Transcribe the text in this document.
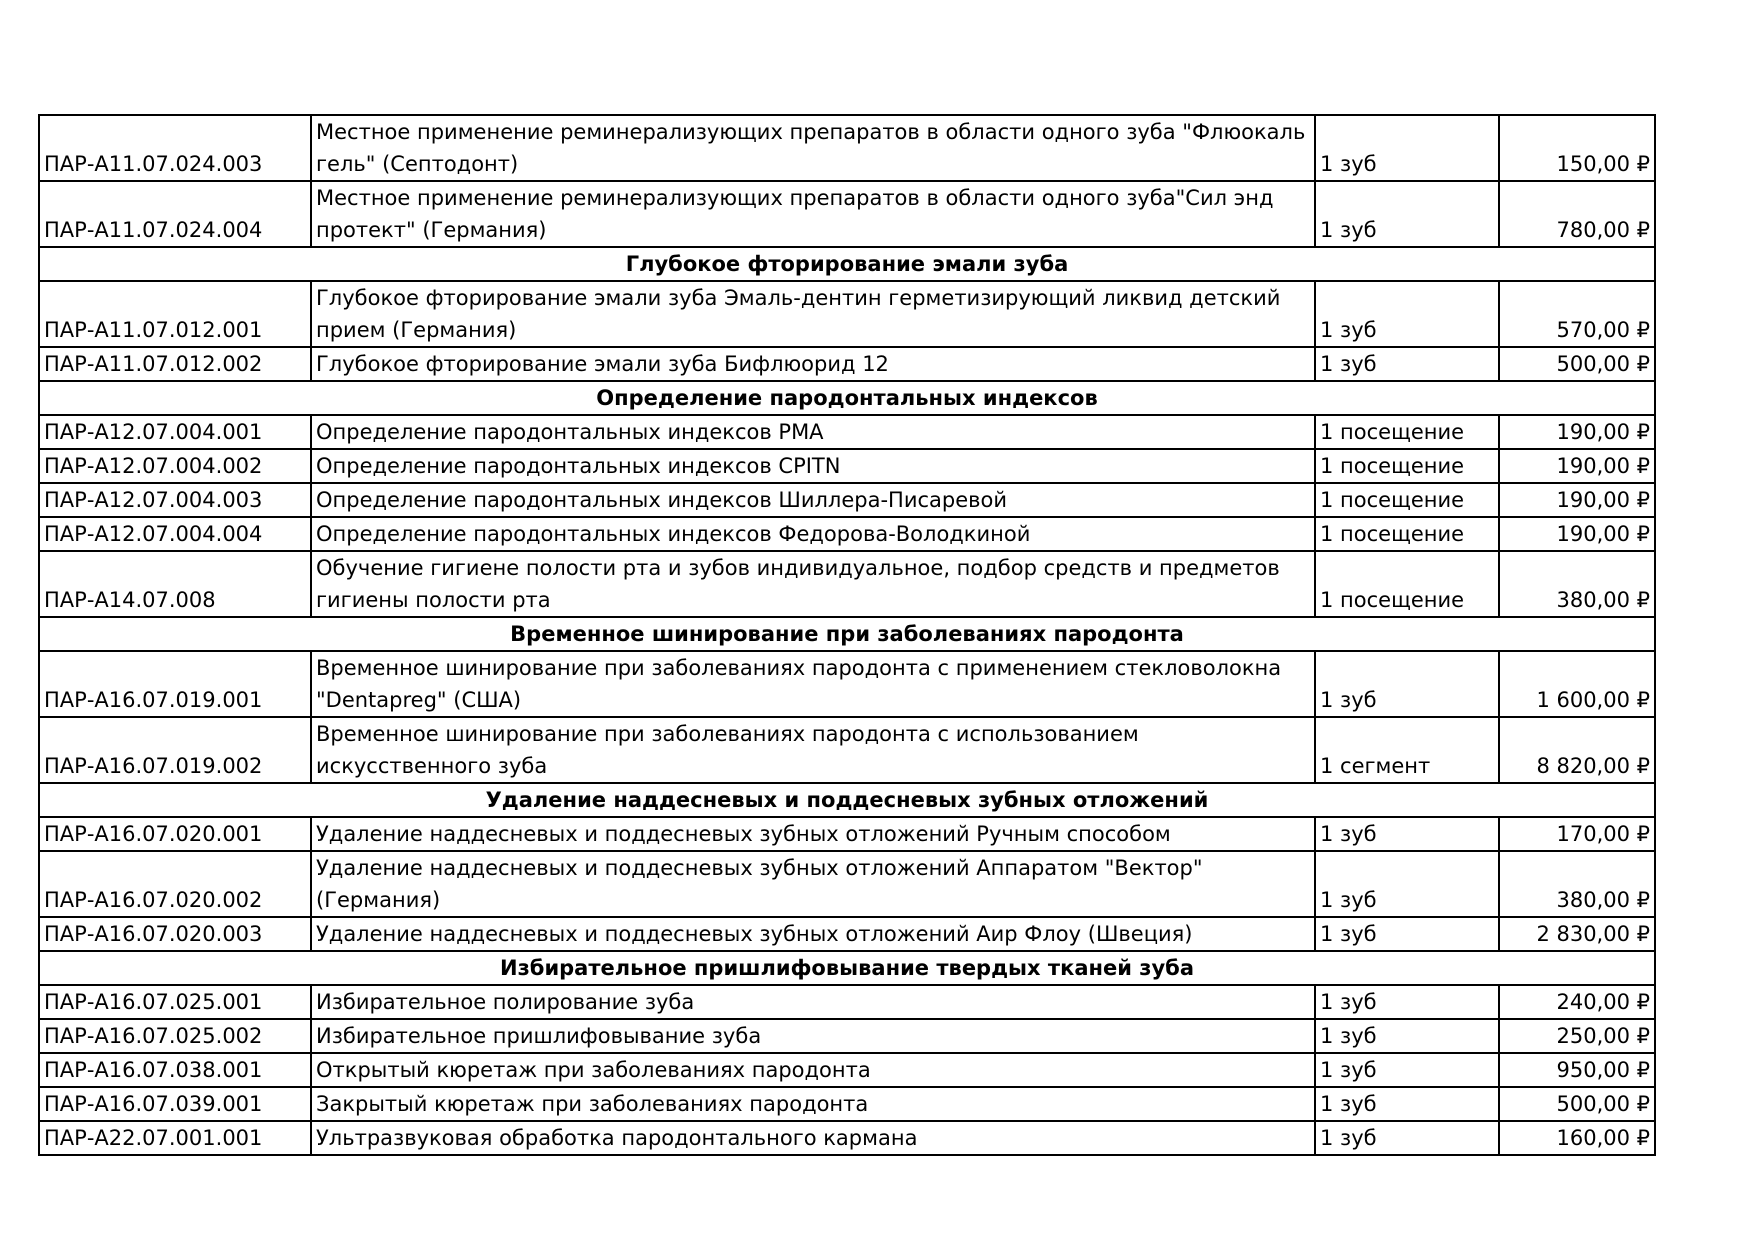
ПАР-A11.07.024.003	Местное применение реминерализующих препаратов в области одного зуба "Флюокаль гель" (Септодонт)	1 зуб	150,00 ₽
ПАР-A11.07.024.004	Местное применение реминерализующих препаратов в области одного зуба"Сил энд протект" (Германия)	1 зуб	780,00 ₽
Глубокое фторирование эмали зуба			
ПАР-A11.07.012.001	Глубокое фторирование эмали зуба Эмаль-дентин герметизирующий ликвид детский прием (Германия)	1 зуб	570,00 ₽
ПАР-A11.07.012.002	Глубокое фторирование эмали зуба Бифлюорид 12	1 зуб	500,00 ₽
Определение пародонтальных индексов			
ПАР-A12.07.004.001	Определение пародонтальных индексов РМА	1 посещение	190,00 ₽
ПАР-A12.07.004.002	Определение пародонтальных индексов CPITN	1 посещение	190,00 ₽
ПАР-A12.07.004.003	Определение пародонтальных индексов Шиллера-Писаревой	1 посещение	190,00 ₽
ПАР-A12.07.004.004	Определение пародонтальных индексов Федорова-Володкиной	1 посещение	190,00 ₽
ПАР-A14.07.008	Обучение гигиене полости рта и зубов индивидуальное, подбор средств и предметов гигиены полости рта	1 посещение	380,00 ₽
Временное шинирование при заболеваниях пародонта			
ПАР-A16.07.019.001	Временное шинирование при заболеваниях пародонта с применением стекловолокна "Dentapreg" (США)	1 зуб	1 600,00 ₽
ПАР-A16.07.019.002	Временное шинирование при заболеваниях пародонта с использованием искусственного зуба	1 сегмент	8 820,00 ₽
Удаление наддесневых и поддесневых зубных отложений			
ПАР-A16.07.020.001	Удаление наддесневых и поддесневых зубных отложений Ручным способом	1 зуб	170,00 ₽
ПАР-A16.07.020.002	Удаление наддесневых и поддесневых зубных отложений Аппаратом "Вектор" (Германия)	1 зуб	380,00 ₽
ПАР-A16.07.020.003	Удаление наддесневых и поддесневых зубных отложений Аир Флоу (Швеция)	1 зуб	2 830,00 ₽
Избирательное пришлифовывание твердых тканей зуба			
ПАР-A16.07.025.001	Избирательное полирование зуба	1 зуб	240,00 ₽
ПАР-A16.07.025.002	Избирательное пришлифовывание зуба	1 зуб	250,00 ₽
ПАР-A16.07.038.001	Открытый кюретаж при заболеваниях пародонта	1 зуб	950,00 ₽
ПАР-A16.07.039.001	Закрытый кюретаж при заболеваниях пародонта	1 зуб	500,00 ₽
ПАР-A22.07.001.001	Ультразвуковая обработка пародонтального кармана	1 зуб	160,00 ₽
